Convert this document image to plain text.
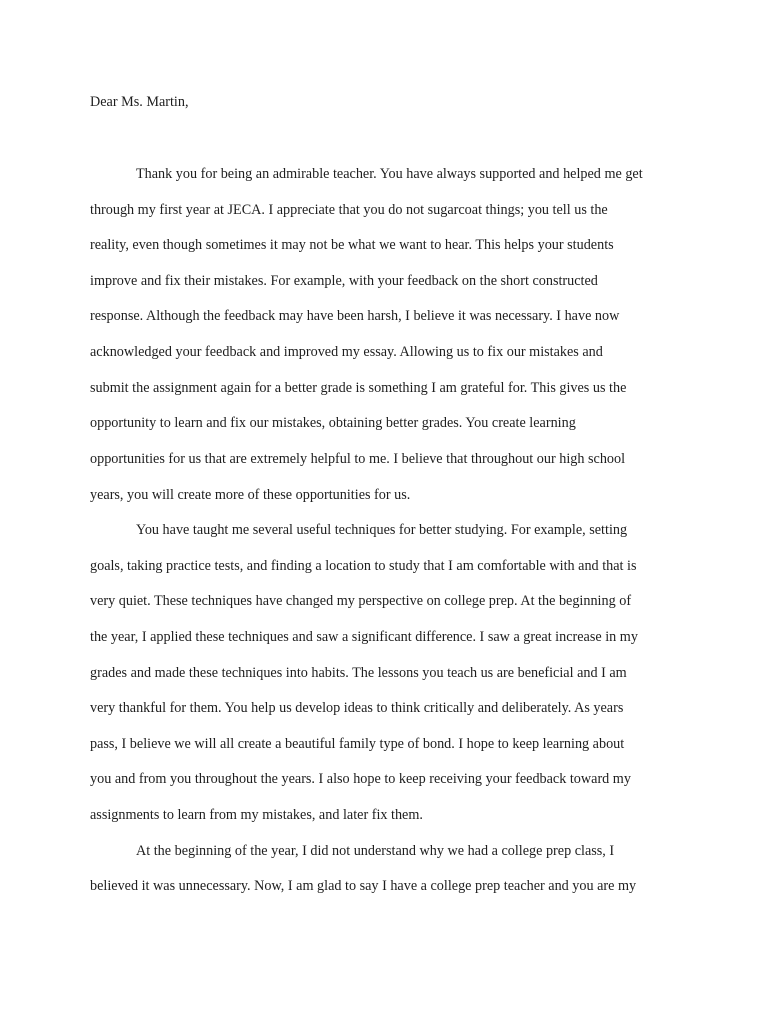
Dear Ms. Martin,

Thank you for being an admirable teacher. You have always supported and helped me get

through my first year at JECA. I appreciate that you do not sugarcoat things; you tell us the

reality, even though sometimes it may not be what we want to hear. This helps your students

improve and fix their mistakes. For example, with your feedback on the short constructed

response. Although the feedback may have been harsh, I believe it was necessary. I have now

acknowledged your feedback and improved my essay. Allowing us to fix our mistakes and

submit the assignment again for a better grade is something I am grateful for. This gives us the

opportunity to learn and fix our mistakes, obtaining better grades. You create learning

opportunities for us that are extremely helpful to me. I believe that throughout our high school

years, you will create more of these opportunities for us.

You have taught me several useful techniques for better studying. For example, setting

goals, taking practice tests, and finding a location to study that I am comfortable with and that is

very quiet. These techniques have changed my perspective on college prep. At the beginning of

the year, I applied these techniques and saw a significant difference. I saw a great increase in my

grades and made these techniques into habits. The lessons you teach us are beneficial and I am

very thankful for them. You help us develop ideas to think critically and deliberately. As years

pass, I believe we will all create a beautiful family type of bond. I hope to keep learning about

you and from you throughout the years. I also hope to keep receiving your feedback toward my

assignments to learn from my mistakes, and later fix them.

At the beginning of the year, I did not understand why we had a college prep class, I

believed it was unnecessary. Now, I am glad to say I have a college prep teacher and you are my
